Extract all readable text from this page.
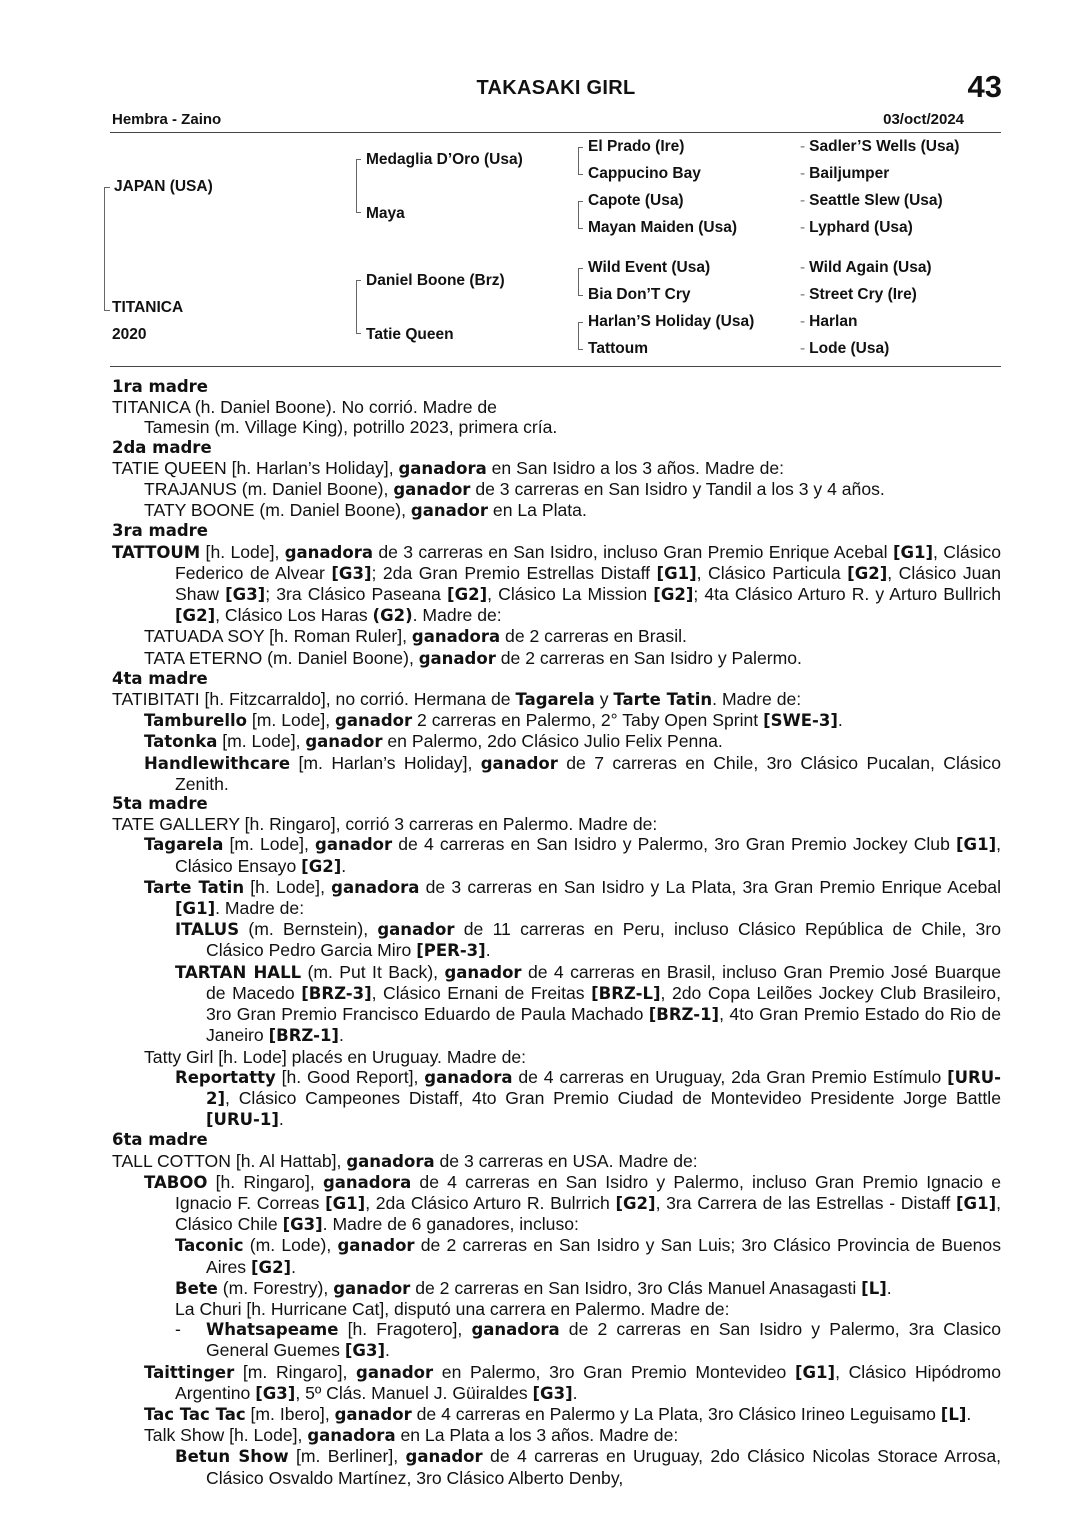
TAKASAKI GIRL	43
Hembra - Zaino	03/oct/2024
JAPAN (USA)
TITANICA
2020
Medaglia D’Oro (Usa)
Maya
Daniel Boone (Brz)
Tatie Queen
El Prado (Ire)
Cappucino Bay
Capote (Usa)
Mayan Maiden (Usa)
Wild Event (Usa)
Bia Don’T Cry
Harlan’S Holiday (Usa)
Tattoum
- Sadler’S Wells (Usa)
- Bailjumper
- Seattle Slew (Usa)
- Lyphard (Usa)
- Wild Again (Usa)
- Street Cry (Ire)
- Harlan
- Lode (Usa)
1ra madre
TITANICA (h. Daniel Boone). No corrió. Madre de
Tamesin (m. Village King), potrillo 2023, primera cría.
2da madre
TATIE QUEEN [h. Harlan’s Holiday], ganadora en San Isidro a los 3 años. Madre de:
TRAJANUS (m. Daniel Boone), ganador de 3 carreras en San Isidro y Tandil a los 3 y 4 años.
TATY BOONE (m. Daniel Boone), ganador en La Plata.
3ra madre
TATTOUM [h. Lode], ganadora de 3 carreras en San Isidro, incluso Gran Premio Enrique Acebal [G1], Clásico Federico de Alvear [G3]; 2da Gran Premio Estrellas Distaff [G1], Clásico Particula [G2], Clásico Juan Shaw [G3]; 3ra Clásico Paseana [G2], Clásico La Mission [G2]; 4ta Clásico Arturo R. y Arturo Bullrich [G2], Clásico Los Haras (G2). Madre de:
TATUADA SOY [h. Roman Ruler], ganadora de 2 carreras en Brasil.
TATA ETERNO (m. Daniel Boone), ganador de 2 carreras en San Isidro y Palermo.
4ta madre
TATIBITATI [h. Fitzcarraldo], no corrió. Hermana de Tagarela y Tarte Tatin. Madre de:
Tamburello [m. Lode], ganador 2 carreras en Palermo, 2° Taby Open Sprint [SWE-3].
Tatonka [m. Lode], ganador en Palermo, 2do Clásico Julio Felix Penna.
Handlewithcare [m. Harlan’s Holiday], ganador de 7 carreras en Chile, 3ro Clásico Pucalan, Clásico Zenith.
5ta madre
TATE GALLERY [h. Ringaro], corrió 3 carreras en Palermo. Madre de:
Tagarela [m. Lode], ganador de 4 carreras en San Isidro y Palermo, 3ro Gran Premio Jockey Club [G1], Clásico Ensayo [G2].
Tarte Tatin [h. Lode], ganadora de 3 carreras en San Isidro y La Plata, 3ra Gran Premio Enrique Acebal [G1]. Madre de:
ITALUS (m. Bernstein), ganador de 11 carreras en Peru, incluso Clásico República de Chile, 3ro Clásico Pedro Garcia Miro [PER-3].
TARTAN HALL (m. Put It Back), ganador de 4 carreras en Brasil, incluso Gran Premio José Buarque de Macedo [BRZ-3], Clásico Ernani de Freitas [BRZ-L], 2do Copa Leilões Jockey Club Brasileiro, 3ro Gran Premio Francisco Eduardo de Paula Machado [BRZ-1], 4to Gran Premio Estado do Rio de Janeiro [BRZ-1].
Tatty Girl [h. Lode] placés en Uruguay. Madre de:
Reportatty [h. Good Report], ganadora de 4 carreras en Uruguay, 2da Gran Premio Estímulo [URU-2], Clásico Campeones Distaff, 4to Gran Premio Ciudad de Montevideo Presidente Jorge Battle [URU-1].
6ta madre
TALL COTTON [h. Al Hattab], ganadora de 3 carreras en USA. Madre de:
TABOO [h. Ringaro], ganadora de 4 carreras en San Isidro y Palermo, incluso Gran Premio Ignacio e Ignacio F. Correas [G1], 2da Clásico Arturo R. Bulrrich [G2], 3ra Carrera de las Estrellas - Distaff [G1], Clásico Chile [G3]. Madre de 6 ganadores, incluso:
Taconic (m. Lode), ganador de 2 carreras en San Isidro y San Luis; 3ro Clásico Provincia de Buenos Aires [G2].
Bete (m. Forestry), ganador de 2 carreras en San Isidro, 3ro Clás Manuel Anasagasti [L].
La Churi [h. Hurricane Cat], disputó una carrera en Palermo. Madre de:
- Whatsapeame [h. Fragotero], ganadora de 2 carreras en San Isidro y Palermo, 3ra Clasico General Guemes [G3].
Taittinger [m. Ringaro], ganador en Palermo, 3ro Gran Premio Montevideo [G1], Clásico Hipódromo Argentino [G3], 5º Clás. Manuel J. Güiraldes [G3].
Tac Tac Tac [m. Ibero], ganador de 4 carreras en Palermo y La Plata, 3ro Clásico Irineo Leguisamo [L].
Talk Show [h. Lode], ganadora en La Plata a los 3 años. Madre de:
Betun Show [m. Berliner], ganador de 4 carreras en Uruguay, 2do Clásico Nicolas Storace Arrosa, Clásico Osvaldo Martínez, 3ro Clásico Alberto Denby,
